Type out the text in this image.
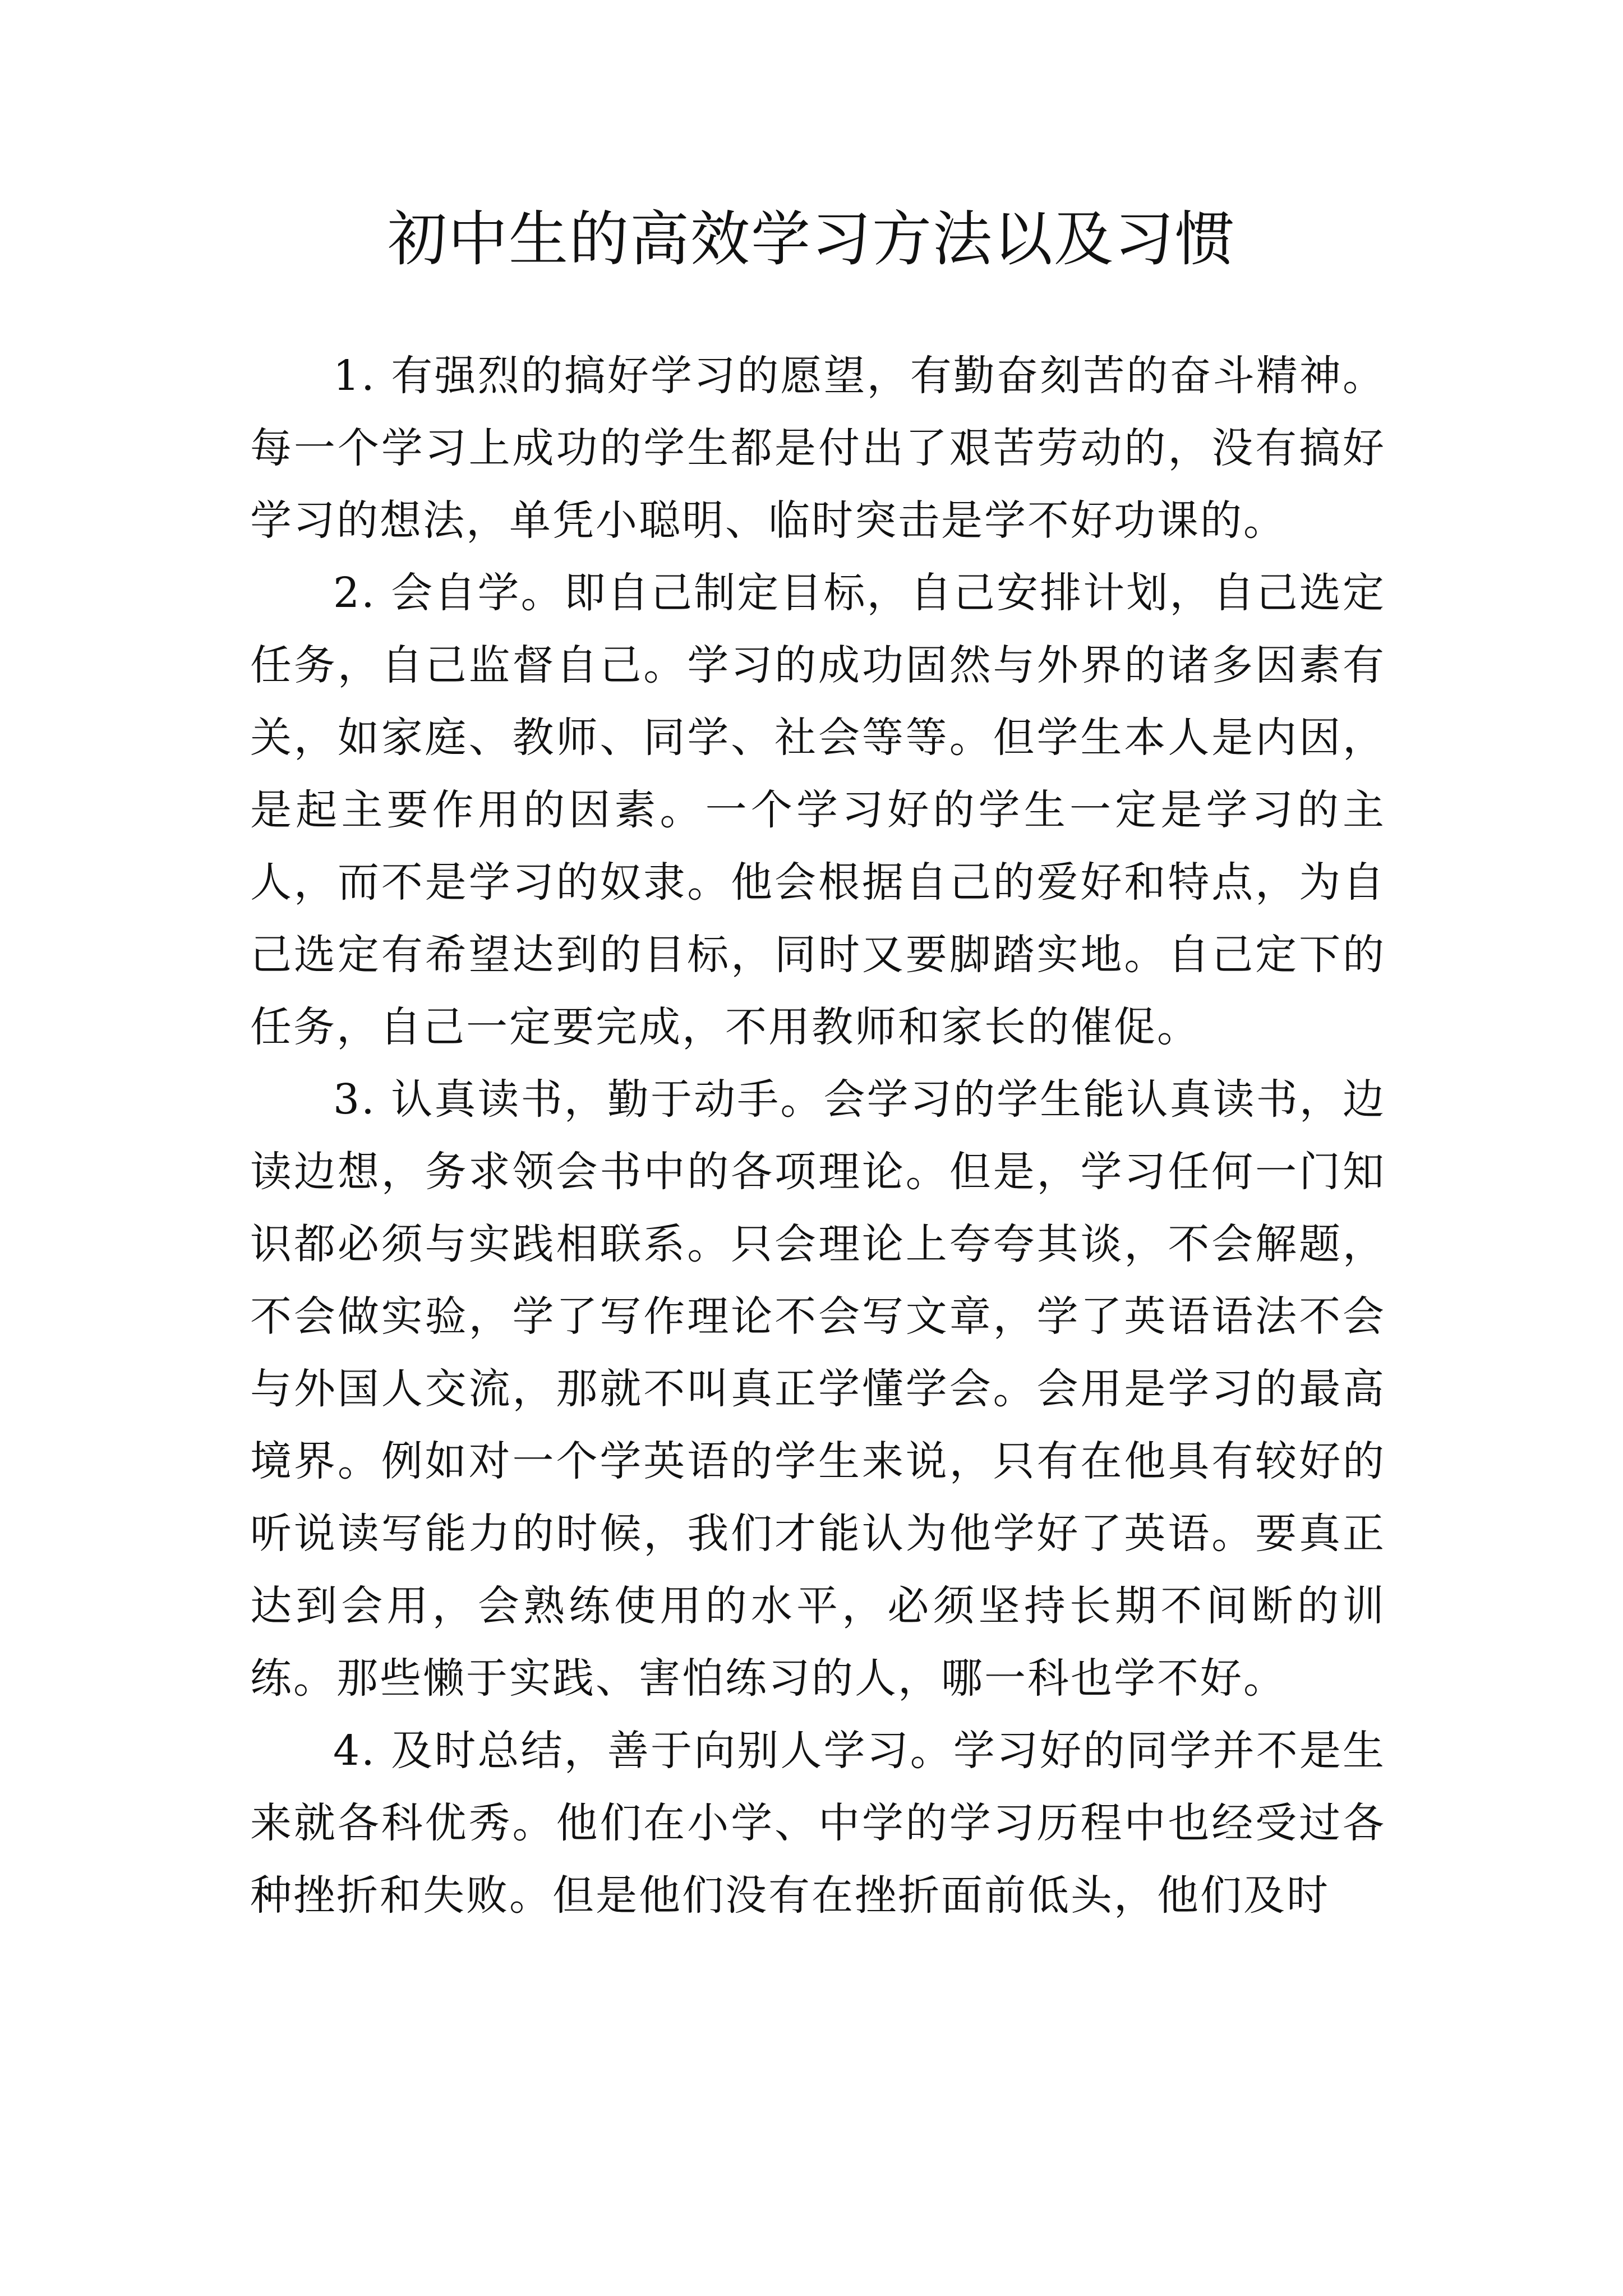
初中生的高效学习方法以及习惯

1. 有强烈的搞好学习的愿望，有勤奋刻苦的奋斗精神。每一个学习上成功的学生都是付出了艰苦劳动的，没有搞好学习的想法，单凭小聪明、临时突击是学不好功课的。

2. 会自学。即自己制定目标，自己安排计划，自己选定任务，自己监督自己。学习的成功固然与外界的诸多因素有关，如家庭、教师、同学、社会等等。但学生本人是内因，是起主要作用的因素。一个学习好的学生一定是学习的主人，而不是学习的奴隶。他会根据自己的爱好和特点，为自己选定有希望达到的目标，同时又要脚踏实地。自己定下的任务，自己一定要完成，不用教师和家长的催促。

3. 认真读书，勤于动手。会学习的学生能认真读书，边读边想，务求领会书中的各项理论。但是，学习任何一门知识都必须与实践相联系。只会理论上夸夸其谈，不会解题，不会做实验，学了写作理论不会写文章，学了英语语法不会与外国人交流，那就不叫真正学懂学会。会用是学习的最高境界。例如对一个学英语的学生来说，只有在他具有较好的听说读写能力的时候，我们才能认为他学好了英语。要真正达到会用，会熟练使用的水平，必须坚持长期不间断的训练。那些懒于实践、害怕练习的人，哪一科也学不好。

4. 及时总结，善于向别人学习。学习好的同学并不是生来就各科优秀。他们在小学、中学的学习历程中也经受过各种挫折和失败。但是他们没有在挫折面前低头，他们及时
